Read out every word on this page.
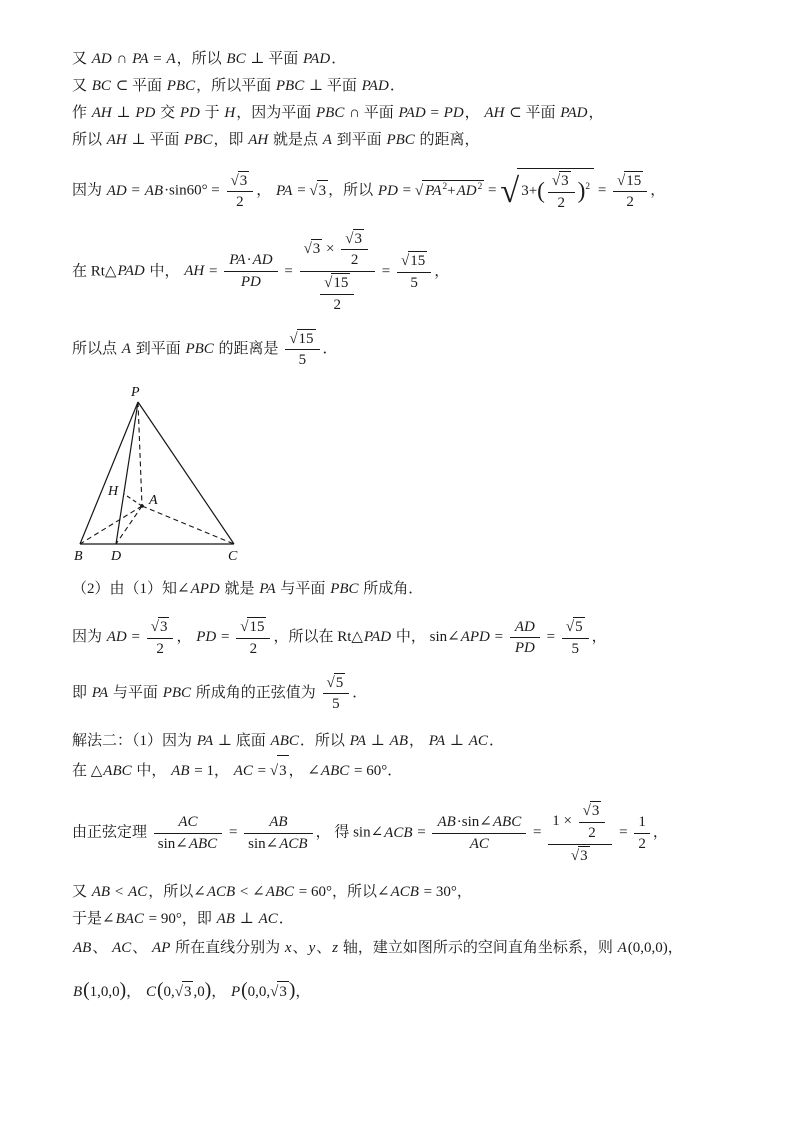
又 AD ∩ PA = A，所以 BC ⊥ 平面 PAD．
又 BC ⊂ 平面 PBC，所以平面 PBC ⊥ 平面 PAD．
作 AH ⊥ PD 交 PD 于 H，因为平面 PBC ∩ 平面 PAD = PD， AH ⊂ 平面 PAD，
所以 AH ⊥ 平面 PBC，即 AH 就是点 A 到平面 PBC 的距离，
因为 AD = AB·sin60° = √ $\frac{3}{2}$ ， PA = √ 3 ，所以 PD = √ $PA^2+AD^2$ = √ 3+( √ $\frac{3}{2} )^2$ = √ $\frac{15}{2}$ ，
在 Rt△PAD 中， AH = $\frac{PA\cdot AD}{PD}$ = √ 3 × √ $\frac{3}{2}$
√ $\frac{15}{2}$ = √ $\frac{15}{5}$ ，
所以点 A 到平面 PBC 的距离是 √ $\frac{15}{5}$ ．
P
B D	C
A
H
（2）由（1）知∠APD 就是 PA 与平面 PBC 所成角．
因为 AD = √ $\frac{3}{2}$ ， PD = √ $\frac{15}{2}$ ，所以在 Rt△PAD 中， sin∠APD = $\frac{AD}{PD}$ = √ $\frac{5}{5}$ ，
即 PA 与平面 PBC 所成角的正弦值为 √ $\frac{5}{5}$ ．
解法二：（1）因为 PA ⊥ 底面 ABC．所以 PA ⊥ AB， PA ⊥ AC．
在 △ABC 中， AB = 1， AC = √ 3 ， ∠ABC = 60°．
由正弦定理
AC
sin∠ABC
=
AB
sin∠ACB
， 得 sin∠ACB =
AB·sin∠ABC
AC
= 1 × √ $\frac{3}{2}$
√ $3 = \frac{1}{2}$ ，
又 AB < AC，所以∠ACB < ∠ABC = 60°，所以∠ACB = 30°，
于是∠BAC = 90°，即 AB ⊥ AC．
AB、 AC、 AP 所在直线分别为 x、y、z 轴，建立如图所示的空间直角坐标系，则 A(0,0,0)，
B(1,0,0)， C(0, √ 3 ,0)， P(0,0, √ 3 )，
